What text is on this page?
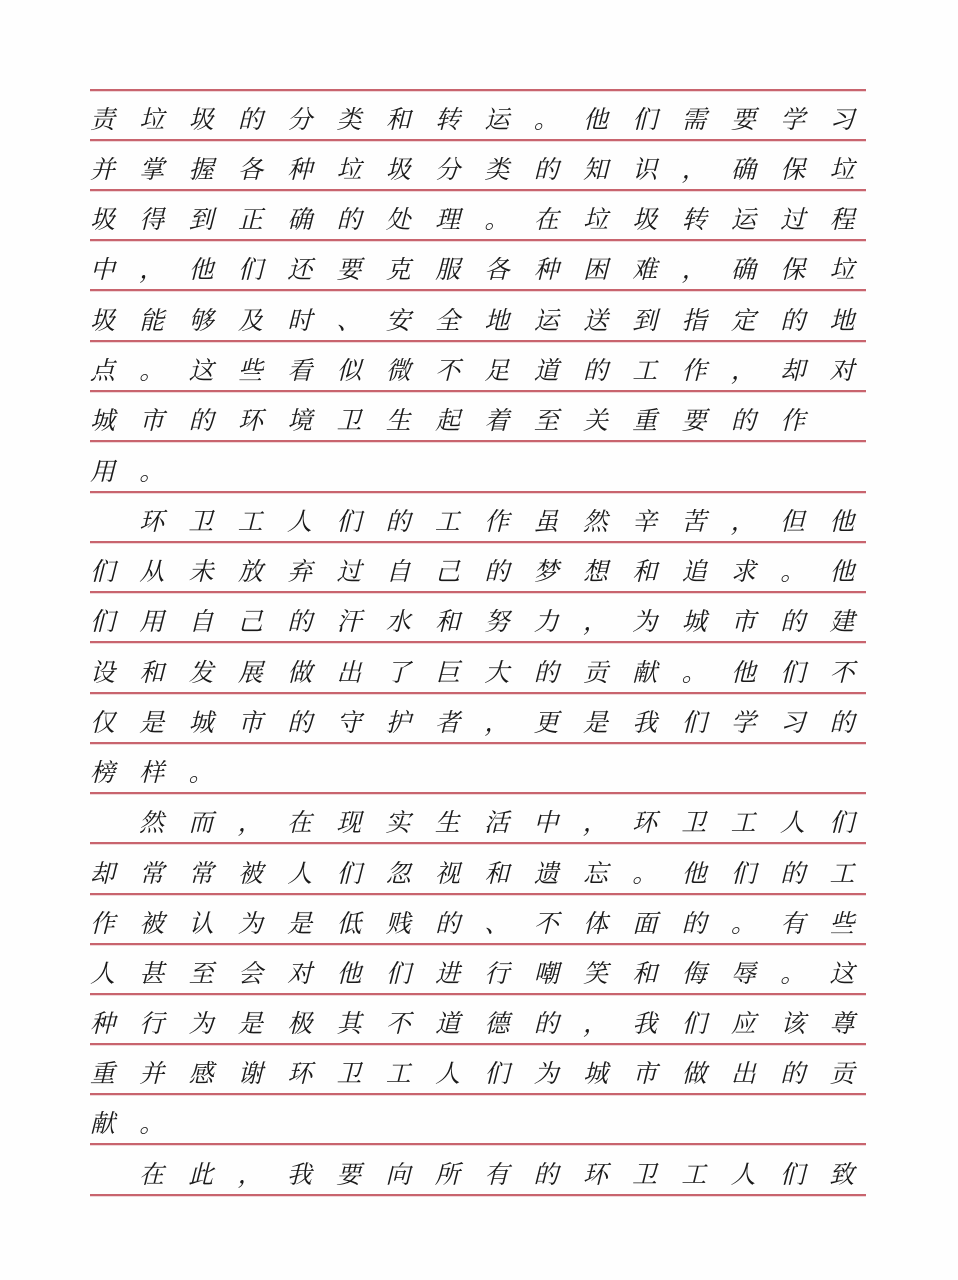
责垃圾的分类和转运。他们需要学习
并掌握各种垃圾分类的知识，确保垃
圾得到正确的处理。在垃圾转运过程
中，他们还要克服各种困难，确保垃
圾能够及时、安全地运送到指定的地
点。这些看似微不足道的工作，却对
城市的环境卫生起着至关重要的作
用。
环卫工人们的工作虽然辛苦，但他
们从未放弃过自己的梦想和追求。他
们用自己的汗水和努力，为城市的建
设和发展做出了巨大的贡献。他们不
仅是城市的守护者，更是我们学习的
榜样。
然而，在现实生活中，环卫工人们
却常常被人们忽视和遗忘。他们的工
作被认为是低贱的、不体面的。有些
人甚至会对他们进行嘲笑和侮辱。这
种行为是极其不道德的，我们应该尊
重并感谢环卫工人们为城市做出的贡
献。
在此，我要向所有的环卫工人们致
